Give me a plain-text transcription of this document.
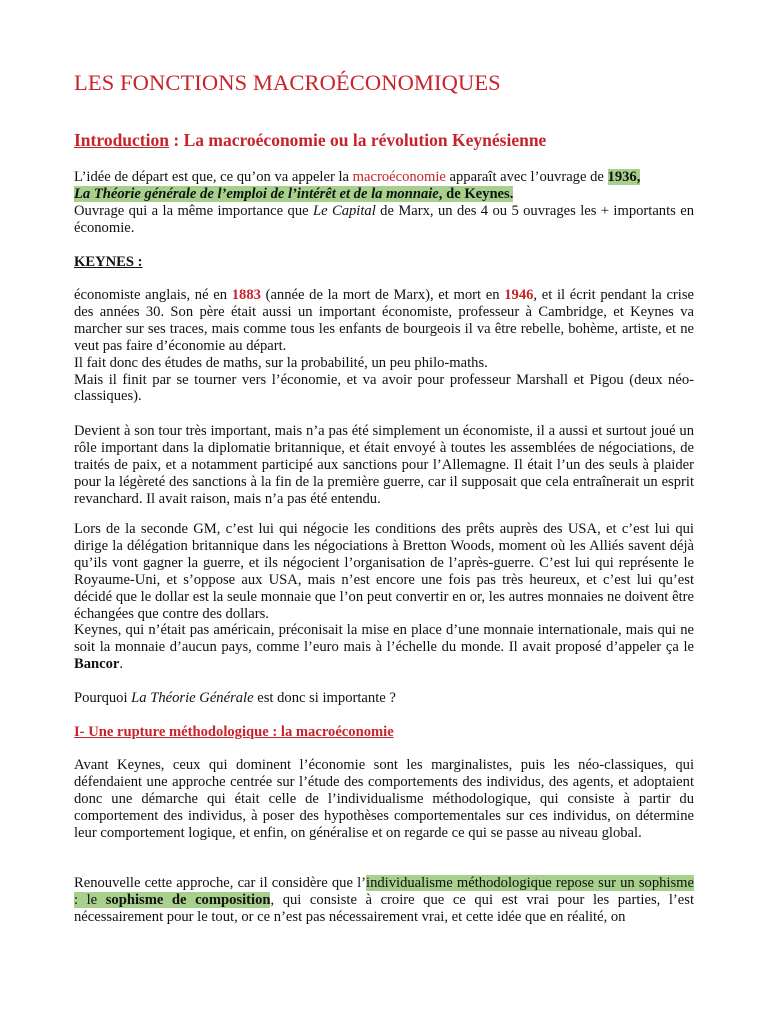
LES FONCTIONS MACROÉCONOMIQUES
Introduction : La macroéconomie ou la révolution Keynésienne

L’idée de départ est que, ce qu’on va appeler la macroéconomie apparaît avec l’ouvrage de 1936,
La Théorie générale de l’emploi de l’intérêt et de la monnaie, de Keynes.
Ouvrage qui a la même importance que Le Capital de Marx, un des 4 ou 5 ouvrages les + importants en économie.

KEYNES :

économiste anglais, né en 1883 (année de la mort de Marx), et mort en 1946, et il écrit pendant la crise des années 30. Son père était aussi un important économiste, professeur à Cambridge, et Keynes va marcher sur ses traces, mais comme tous les enfants de bourgeois il va être rebelle, bohème, artiste, et ne veut pas faire d’économie au départ.
Il fait donc des études de maths, sur la probabilité, un peu philo-maths.
Mais il finit par se tourner vers l’économie, et va avoir pour professeur Marshall et Pigou (deux néo-classiques).

Devient à son tour très important, mais n’a pas été simplement un économiste, il a aussi et surtout joué un rôle important dans la diplomatie britannique, et était envoyé à toutes les assemblées de négociations, de traités de paix, et a notamment participé aux sanctions pour l’Allemagne. Il était l’un des seuls à plaider pour la légèreté des sanctions à la fin de la première guerre, car il supposait que cela entraînerait un esprit revanchard. Il avait raison, mais n’a pas été entendu.

Lors de la seconde GM, c’est lui qui négocie les conditions des prêts auprès des USA, et c’est lui qui dirige la délégation britannique dans les négociations à Bretton Woods, moment où les Alliés savent déjà qu’ils vont gagner la guerre, et ils négocient l’organisation de l’après-guerre. C’est lui qui représente le Royaume-Uni, et s’oppose aux USA, mais n’est encore une fois pas très heureux, et c’est lui qu’est décidé que le dollar est la seule monnaie que l’on peut convertir en or, les autres monnaies ne doivent être échangées que contre des dollars.
Keynes, qui n’était pas américain, préconisait la mise en place d’une monnaie internationale, mais qui ne soit la monnaie d’aucun pays, comme l’euro mais à l’échelle du monde. Il avait proposé d’appeler ça le Bancor.

Pourquoi La Théorie Générale est donc si importante ?

I- Une rupture méthodologique : la macroéconomie

Avant Keynes, ceux qui dominent l’économie sont les marginalistes, puis les néo-classiques, qui défendaient une approche centrée sur l’étude des comportements des individus, des agents, et adoptaient donc une démarche qui était celle de l’individualisme méthodologique, qui consiste à partir du comportement des individus, à poser des hypothèses comportementales sur ces individus, on détermine leur comportement logique, et enfin, on généralise et on regarde ce qui se passe au niveau global.

Renouvelle cette approche, car il considère que l’individualisme méthodologique repose sur un sophisme : le sophisme de composition, qui consiste à croire que ce qui est vrai pour les parties, l’est nécessairement pour le tout, or ce n’est pas nécessairement vrai, et cette idée que en réalité, on
